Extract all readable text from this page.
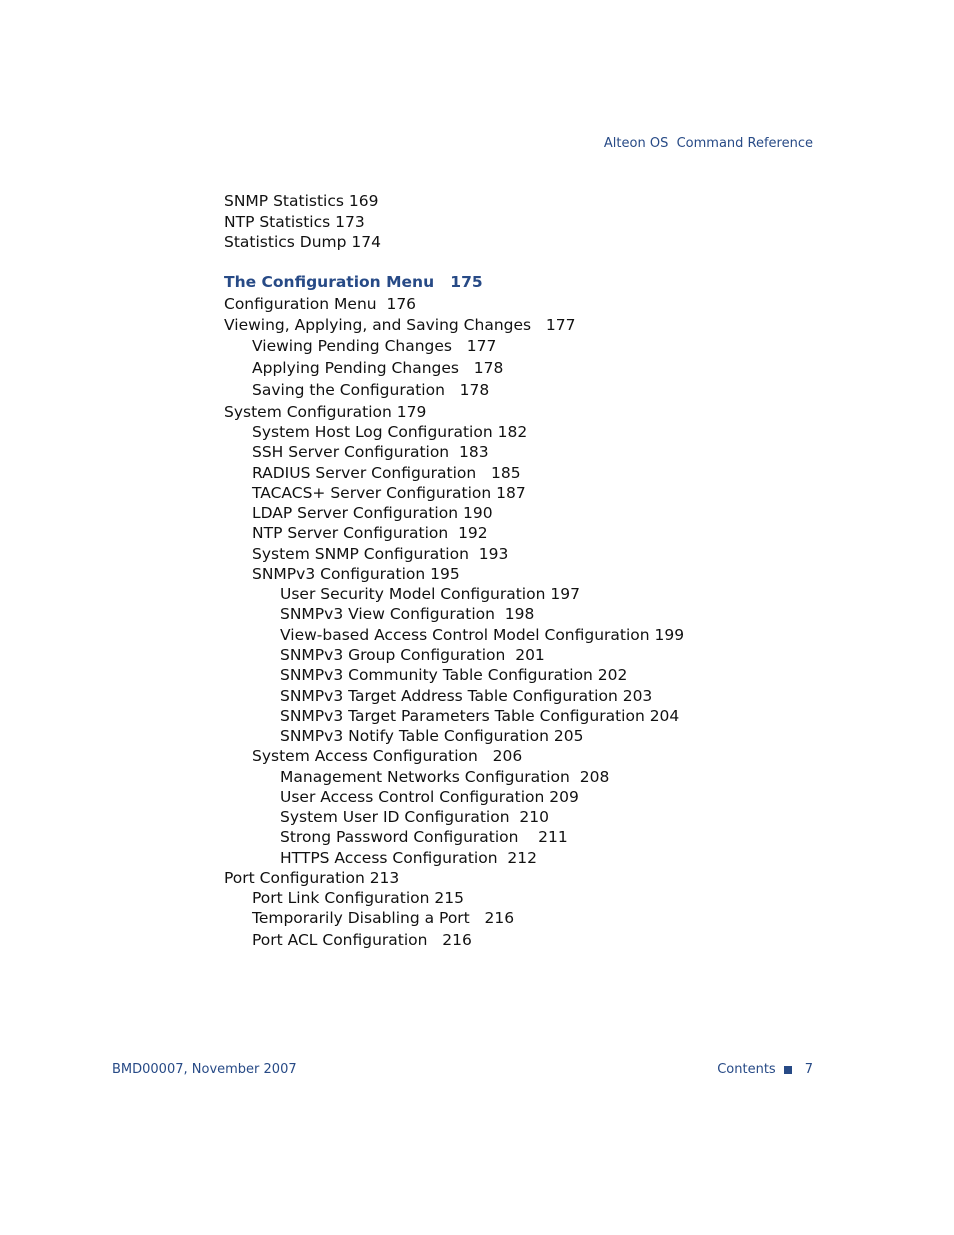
Alteon OS  Command Reference
SNMP Statistics 169
NTP Statistics 173
Statistics Dump 174
The Configuration Menu   175
Configuration Menu  176
Viewing, Applying, and Saving Changes   177
Viewing Pending Changes   177
Applying Pending Changes   178
Saving the Configuration   178
System Configuration 179
System Host Log Configuration 182
SSH Server Configuration  183
RADIUS Server Configuration   185
TACACS+ Server Configuration 187
LDAP Server Configuration 190
NTP Server Configuration  192
System SNMP Configuration  193
SNMPv3 Configuration 195
User Security Model Configuration 197
SNMPv3 View Configuration  198
View-based Access Control Model Configuration 199
SNMPv3 Group Configuration  201
SNMPv3 Community Table Configuration 202
SNMPv3 Target Address Table Configuration 203
SNMPv3 Target Parameters Table Configuration 204
SNMPv3 Notify Table Configuration 205
System Access Configuration   206
Management Networks Configuration  208
User Access Control Configuration 209
System User ID Configuration  210
Strong Password Configuration    211
HTTPS Access Configuration  212
Port Configuration 213
Port Link Configuration 215
Temporarily Disabling a Port   216
Port ACL Configuration   216
BMD00007, November 2007	Contents 7
